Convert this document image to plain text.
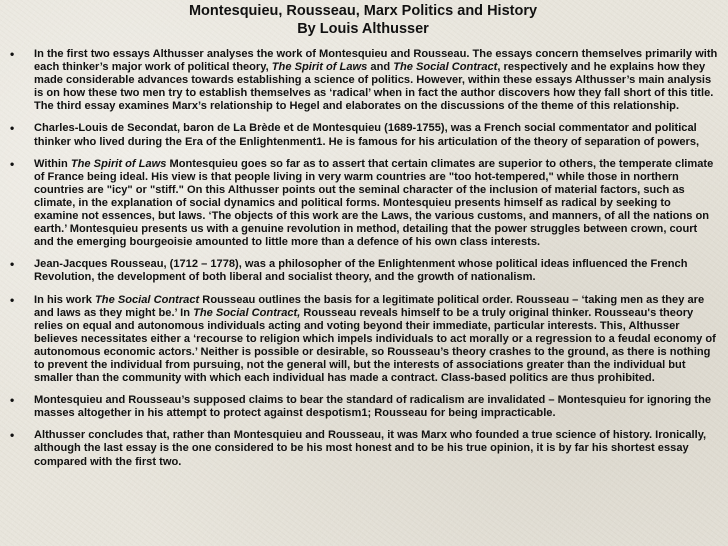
Montesquieu, Rousseau, Marx Politics and History
By Louis Althusser
• In the first two essays Althusser analyses the work of Montesquieu and Rousseau. The essays concern themselves primarily with each thinker’s major work of political theory, The Spirit of Laws and The Social Contract, respectively and he explains how they made considerable advances towards establishing a science of politics. However, within these essays Althusser’s main analysis is on how these two men try to establish themselves as ‘radical’ when in fact the author discovers how they fall short of this title. The third essay examines Marx’s relationship to Hegel and elaborates on the discussions of the theme of this relationship.
• Charles-Louis de Secondat, baron de La Brède et de Montesquieu (1689-1755), was a French social commentator and political thinker who lived during the Era of the Enlightenment1. He is famous for his articulation of the theory of separation of powers,
• Within The Spirit of Laws Montesquieu goes so far as to assert that certain climates are superior to others, the temperate climate of France being ideal. His view is that people living in very warm countries are "too hot-tempered," while those in northern countries are "icy" or "stiff." On this Althusser points out the seminal character of the inclusion of material factors, such as climate, in the explanation of social dynamics and political forms. Montesquieu presents himself as radical by seeking to examine not essences, but laws. ‘The objects of this work are the Laws, the various customs, and manners, of all the nations on earth.’ Montesquieu presents us with a genuine revolution in method, detailing that the power struggles between crown, court and the emerging bourgeoisie amounted to little more than a defence of his own class interests.
• Jean-Jacques Rousseau, (1712 – 1778), was a philosopher of the Enlightenment whose political ideas influenced the French Revolution, the development of both liberal and socialist theory, and the growth of nationalism.
• In his work The Social Contract Rousseau outlines the basis for a legitimate political order. Rousseau – ‘taking men as they are and laws as they might be.’ In The Social Contract, Rousseau reveals himself to be a truly original thinker. Rousseau's theory relies on equal and autonomous individuals acting and voting beyond their immediate, particular interests. This, Althusser believes necessitates either a ‘recourse to religion which impels individuals to act morally or a regression to a feudal economy of autonomous economic actors.’ Neither is possible or desirable, so Rousseau’s theory crashes to the ground, as there is nothing to prevent the individual from pursuing, not the general will, but the interests of associations greater than the individual but smaller than the community with which each individual has made a contract. Class-based politics are thus prohibited.
• Montesquieu and Rousseau’s supposed claims to bear the standard of radicalism are invalidated – Montesquieu for ignoring the masses altogether in his attempt to protect against despotism1; Rousseau for being impracticable.
• Althusser concludes that, rather than Montesquieu and Rousseau, it was Marx who founded a true science of history. Ironically, although the last essay is the one considered to be his most honest and to be his true opinion, it is by far his shortest essay compared with the first two.
